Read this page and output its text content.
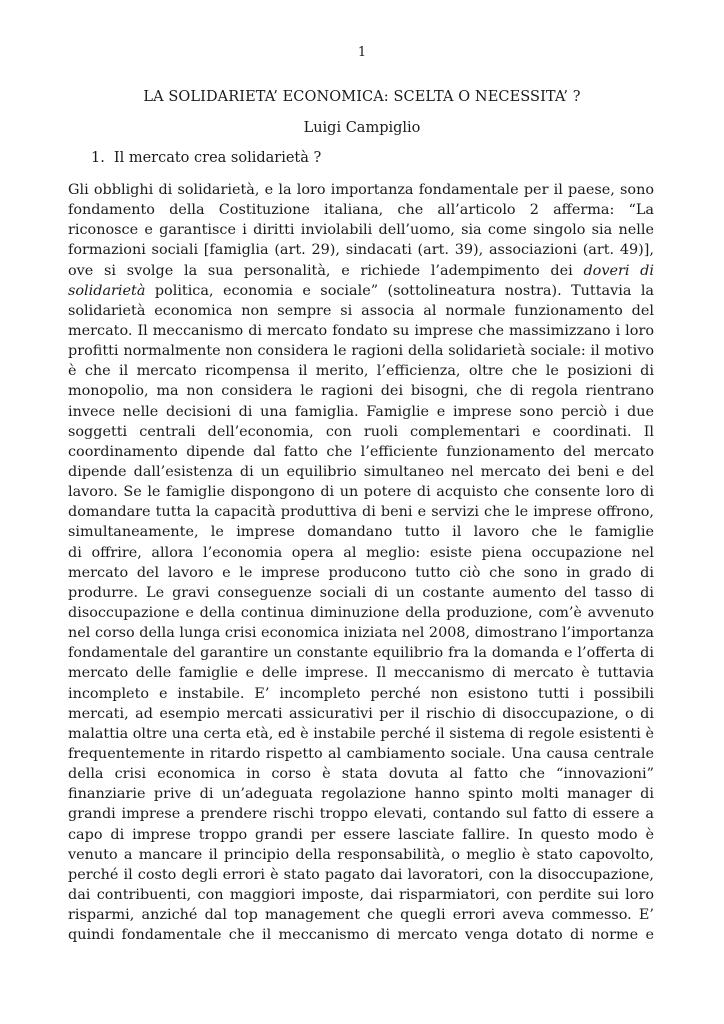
1
LA SOLIDARIETA’ ECONOMICA: SCELTA O NECESSITA’ ?
Luigi Campiglio
1. Il mercato crea solidarietà ?
Gli obblighi di solidarietà, e la loro importanza fondamentale per il paese, sono
fondamento della Costituzione italiana, che all’articolo 2 afferma: “La
riconosce e garantisce i diritti inviolabili dell’uomo, sia come singolo sia nelle
formazioni sociali [famiglia (art. 29), sindacati (art. 39), associazioni (art. 49)],
ove si svolge la sua personalità, e richiede l’adempimento dei doveri di
solidarietà politica, economia e sociale” (sottolineatura nostra). Tuttavia la
solidarietà economica non sempre si associa al normale funzionamento del
mercato. Il meccanismo di mercato fondato su imprese che massimizzano i loro
profitti normalmente non considera le ragioni della solidarietà sociale: il motivo
è che il mercato ricompensa il merito, l’efficienza, oltre che le posizioni di
monopolio, ma non considera le ragioni dei bisogni, che di regola rientrano
invece nelle decisioni di una famiglia. Famiglie e imprese sono perciò i due
soggetti centrali dell’economia, con ruoli complementari e coordinati. Il
coordinamento dipende dal fatto che l’efficiente funzionamento del mercato
dipende dall’esistenza di un equilibrio simultaneo nel mercato dei beni e del
lavoro. Se le famiglie dispongono di un potere di acquisto che consente loro di
domandare tutta la capacità produttiva di beni e servizi che le imprese offrono,
simultaneamente, le imprese domandano tutto il lavoro che le famiglie
di offrire, allora l’economia opera al meglio: esiste piena occupazione nel
mercato del lavoro e le imprese producono tutto ciò che sono in grado di
produrre. Le gravi conseguenze sociali di un costante aumento del tasso di
disoccupazione e della continua diminuzione della produzione, com’è avvenuto
nel corso della lunga crisi economica iniziata nel 2008, dimostrano l’importanza
fondamentale del garantire un constante equilibrio fra la domanda e l’offerta di
mercato delle famiglie e delle imprese. Il meccanismo di mercato è tuttavia
incompleto e instabile. E’ incompleto perché non esistono tutti i possibili
mercati, ad esempio mercati assicurativi per il rischio di disoccupazione, o di
malattia oltre una certa età, ed è instabile perché il sistema di regole esistenti è
frequentemente in ritardo rispetto al cambiamento sociale. Una causa centrale
della crisi economica in corso è stata dovuta al fatto che “innovazioni”
finanziarie prive di un’adeguata regolazione hanno spinto molti manager di
grandi imprese a prendere rischi troppo elevati, contando sul fatto di essere a
capo di imprese troppo grandi per essere lasciate fallire. In questo modo è
venuto a mancare il principio della responsabilità, o meglio è stato capovolto,
perché il costo degli errori è stato pagato dai lavoratori, con la disoccupazione,
dai contribuenti, con maggiori imposte, dai risparmiatori, con perdite sui loro
risparmi, anziché dal top management che quegli errori aveva commesso. E’
quindi fondamentale che il meccanismo di mercato venga dotato di norme e
